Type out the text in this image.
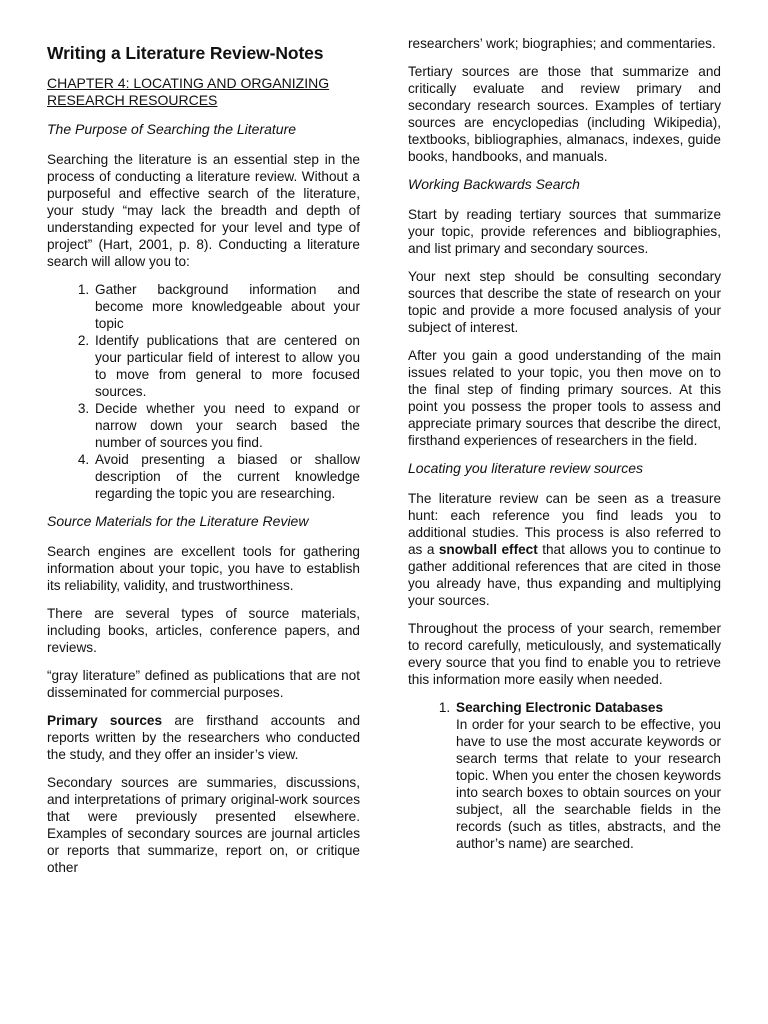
Writing a Literature Review-Notes
CHAPTER 4: LOCATING AND ORGANIZING RESEARCH RESOURCES
The Purpose of Searching the Literature

Searching the literature is an essential step in the process of conducting a literature review. Without a purposeful and effective search of the literature, your study “may lack the breadth and depth of understanding expected for your level and type of project” (Hart, 2001, p. 8). Conducting a literature search will allow you to:

1. Gather background information and become more knowledgeable about your topic
2. Identify publications that are centered on your particular field of interest to allow you to move from general to more focused sources.
3. Decide whether you need to expand or narrow down your search based the number of sources you find.
4. Avoid presenting a biased or shallow description of the current knowledge regarding the topic you are researching.
Source Materials for the Literature Review

Search engines are excellent tools for gathering information about your topic, you have to establish its reliability, validity, and trustworthiness.

There are several types of source materials, including books, articles, conference papers, and reviews.

“gray literature” defined as publications that are not disseminated for commercial purposes.

Primary sources are firsthand accounts and reports written by the researchers who conducted the study, and they offer an insider’s view.

Secondary sources are summaries, discussions, and interpretations of primary original-work sources that were previously presented elsewhere. Examples of secondary sources are journal articles or reports that summarize, report on, or critique other

researchers’ work; biographies; and commentaries.

Tertiary sources are those that summarize and critically evaluate and review primary and secondary research sources. Examples of tertiary sources are encyclopedias (including Wikipedia), textbooks, bibliographies, almanacs, indexes, guide books, handbooks, and manuals.

Working Backwards Search

Start by reading tertiary sources that summarize your topic, provide references and bibliographies, and list primary and secondary sources.

Your next step should be consulting secondary sources that describe the state of research on your topic and provide a more focused analysis of your subject of interest.

After you gain a good understanding of the main issues related to your topic, you then move on to the final step of finding primary sources. At this point you possess the proper tools to assess and appreciate primary sources that describe the direct, firsthand experiences of researchers in the field.

Locating you literature review sources

The literature review can be seen as a treasure hunt: each reference you find leads you to additional studies. This process is also referred to as a snowball effect that allows you to continue to gather additional references that are cited in those you already have, thus expanding and multiplying your sources.

Throughout the process of your search, remember to record carefully, meticulously, and systematically every source that you find to enable you to retrieve this information more easily when needed.

1. Searching Electronic Databases
In order for your search to be effective, you have to use the most accurate keywords or search terms that relate to your research topic. When you enter the chosen keywords into search boxes to obtain sources on your subject, all the searchable fields in the records (such as titles, abstracts, and the author’s name) are searched.
